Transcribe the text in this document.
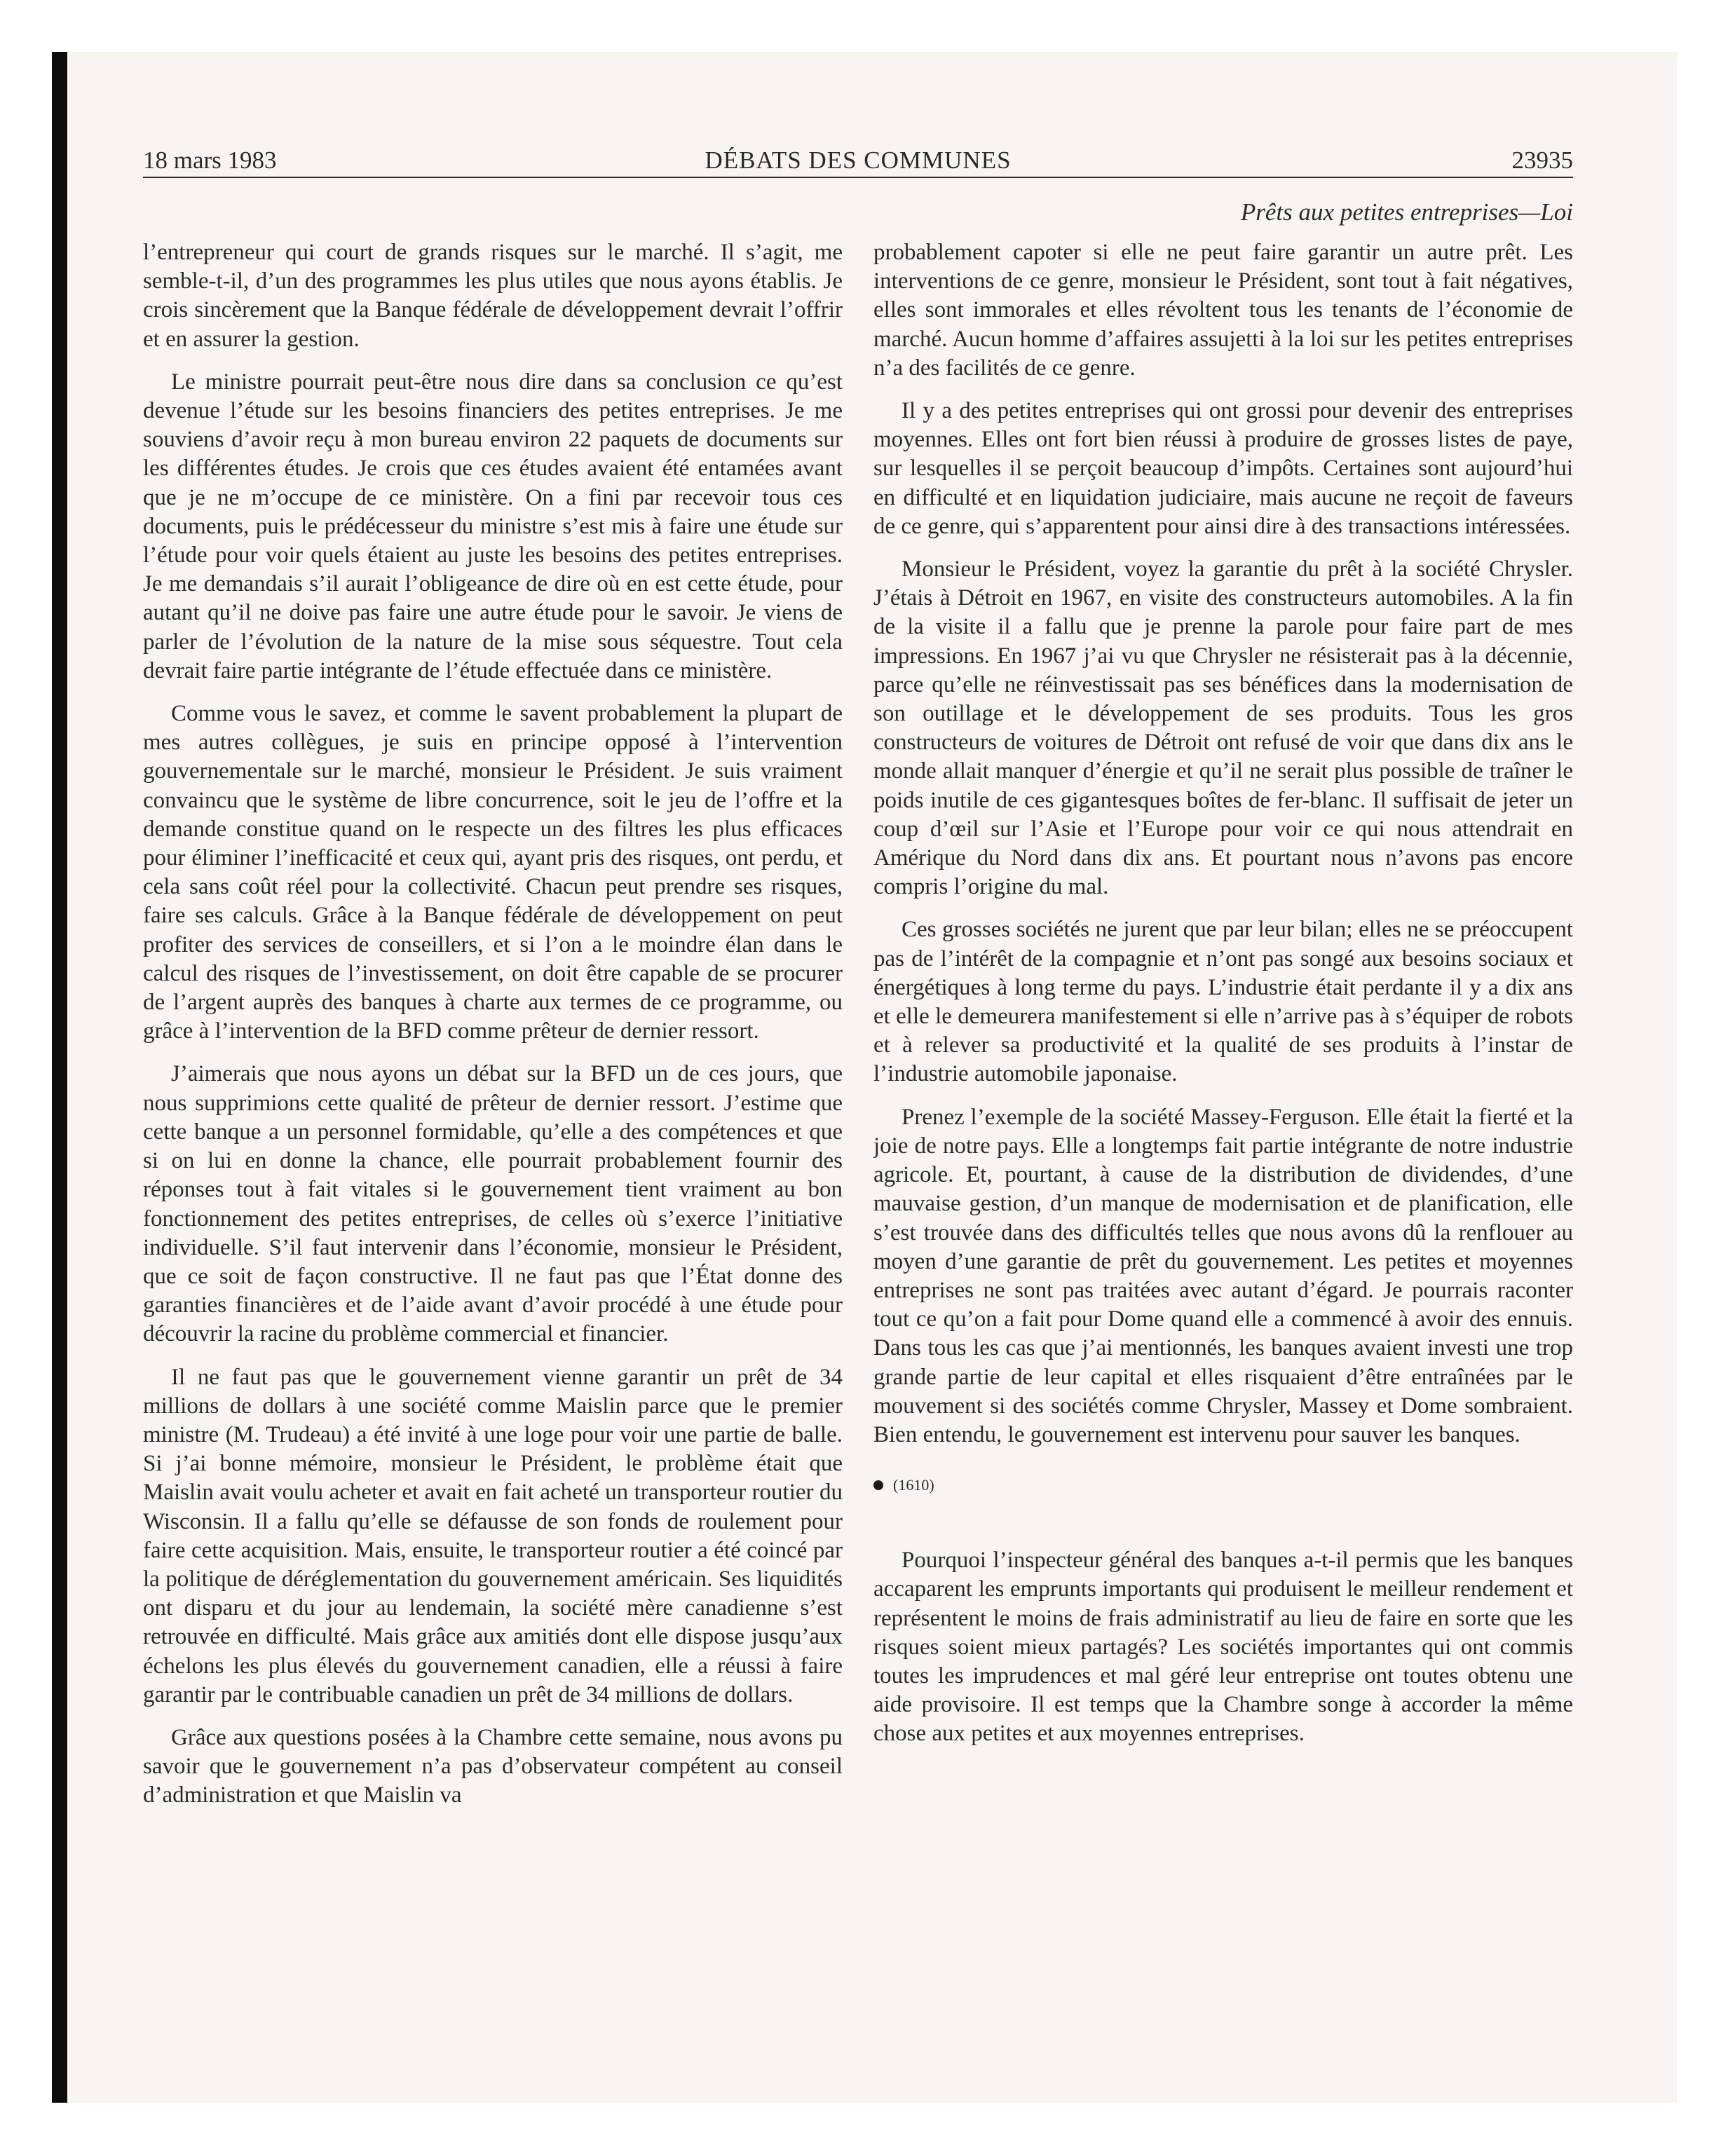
18 mars 1983	DÉBATS DES COMMUNES	23935
Prêts aux petites entreprises—Loi

l’entrepreneur qui court de grands risques sur le marché. Il s’agit, me semble-t-il, d’un des programmes les plus utiles que nous ayons établis. Je crois sincèrement que la Banque fédérale de développement devrait l’offrir et en assurer la gestion.

Le ministre pourrait peut-être nous dire dans sa conclusion ce qu’est devenue l’étude sur les besoins financiers des petites entreprises. Je me souviens d’avoir reçu à mon bureau environ 22 paquets de documents sur les différentes études. Je crois que ces études avaient été entamées avant que je ne m’occupe de ce ministère. On a fini par recevoir tous ces documents, puis le prédécesseur du ministre s’est mis à faire une étude sur l’étude pour voir quels étaient au juste les besoins des petites entreprises. Je me demandais s’il aurait l’obligeance de dire où en est cette étude, pour autant qu’il ne doive pas faire une autre étude pour le savoir. Je viens de parler de l’évolution de la nature de la mise sous séquestre. Tout cela devrait faire partie intégrante de l’étude effectuée dans ce ministère.

Comme vous le savez, et comme le savent probablement la plupart de mes autres collègues, je suis en principe opposé à l’intervention gouvernementale sur le marché, monsieur le Président. Je suis vraiment convaincu que le système de libre concurrence, soit le jeu de l’offre et la demande constitue quand on le respecte un des filtres les plus efficaces pour éliminer l’inefficacité et ceux qui, ayant pris des risques, ont perdu, et cela sans coût réel pour la collectivité. Chacun peut prendre ses risques, faire ses calculs. Grâce à la Banque fédérale de développement on peut profiter des services de conseillers, et si l’on a le moindre élan dans le calcul des risques de l’investissement, on doit être capable de se procurer de l’argent auprès des banques à charte aux termes de ce programme, ou grâce à l’intervention de la BFD comme prêteur de dernier ressort.

J’aimerais que nous ayons un débat sur la BFD un de ces jours, que nous supprimions cette qualité de prêteur de dernier ressort. J’estime que cette banque a un personnel formidable, qu’elle a des compétences et que si on lui en donne la chance, elle pourrait probablement fournir des réponses tout à fait vitales si le gouvernement tient vraiment au bon fonctionnement des petites entreprises, de celles où s’exerce l’initiative individuelle. S’il faut intervenir dans l’économie, monsieur le Président, que ce soit de façon constructive. Il ne faut pas que l’État donne des garanties financières et de l’aide avant d’avoir procédé à une étude pour découvrir la racine du problème commercial et financier.

Il ne faut pas que le gouvernement vienne garantir un prêt de 34 millions de dollars à une société comme Maislin parce que le premier ministre (M. Trudeau) a été invité à une loge pour voir une partie de balle. Si j’ai bonne mémoire, monsieur le Président, le problème était que Maislin avait voulu acheter et avait en fait acheté un transporteur routier du Wisconsin. Il a fallu qu’elle se défausse de son fonds de roulement pour faire cette acquisition. Mais, ensuite, le transporteur routier a été coincé par la politique de déréglementation du gouvernement américain. Ses liquidités ont disparu et du jour au lendemain, la société mère canadienne s’est retrouvée en difficulté. Mais grâce aux amitiés dont elle dispose jusqu’aux échelons les plus élevés du gouvernement canadien, elle a réussi à faire garantir par le contribuable canadien un prêt de 34 millions de dollars.

Grâce aux questions posées à la Chambre cette semaine, nous avons pu savoir que le gouvernement n’a pas d’observateur compétent au conseil d’administration et que Maislin va

probablement capoter si elle ne peut faire garantir un autre prêt. Les interventions de ce genre, monsieur le Président, sont tout à fait négatives, elles sont immorales et elles révoltent tous les tenants de l’économie de marché. Aucun homme d’affaires assujetti à la loi sur les petites entreprises n’a des facilités de ce genre.

Il y a des petites entreprises qui ont grossi pour devenir des entreprises moyennes. Elles ont fort bien réussi à produire de grosses listes de paye, sur lesquelles il se perçoit beaucoup d’impôts. Certaines sont aujourd’hui en difficulté et en liquidation judiciaire, mais aucune ne reçoit de faveurs de ce genre, qui s’apparentent pour ainsi dire à des transactions intéressées.

Monsieur le Président, voyez la garantie du prêt à la société Chrysler. J’étais à Détroit en 1967, en visite des constructeurs automobiles. A la fin de la visite il a fallu que je prenne la parole pour faire part de mes impressions. En 1967 j’ai vu que Chrysler ne résisterait pas à la décennie, parce qu’elle ne réinvestissait pas ses bénéfices dans la modernisation de son outillage et le développement de ses produits. Tous les gros constructeurs de voitures de Détroit ont refusé de voir que dans dix ans le monde allait manquer d’énergie et qu’il ne serait plus possible de traîner le poids inutile de ces gigantesques boîtes de fer-blanc. Il suffisait de jeter un coup d’œil sur l’Asie et l’Europe pour voir ce qui nous attendrait en Amérique du Nord dans dix ans. Et pourtant nous n’avons pas encore compris l’origine du mal.

Ces grosses sociétés ne jurent que par leur bilan; elles ne se préoccupent pas de l’intérêt de la compagnie et n’ont pas songé aux besoins sociaux et énergétiques à long terme du pays. L’industrie était perdante il y a dix ans et elle le demeurera manifestement si elle n’arrive pas à s’équiper de robots et à relever sa productivité et la qualité de ses produits à l’instar de l’industrie automobile japonaise.

Prenez l’exemple de la société Massey-Ferguson. Elle était la fierté et la joie de notre pays. Elle a longtemps fait partie intégrante de notre industrie agricole. Et, pourtant, à cause de la distribution de dividendes, d’une mauvaise gestion, d’un manque de modernisation et de planification, elle s’est trouvée dans des difficultés telles que nous avons dû la renflouer au moyen d’une garantie de prêt du gouvernement. Les petites et moyennes entreprises ne sont pas traitées avec autant d’égard. Je pourrais raconter tout ce qu’on a fait pour Dome quand elle a commencé à avoir des ennuis. Dans tous les cas que j’ai mentionnés, les banques avaient investi une trop grande partie de leur capital et elles risquaient d’être entraînées par le mouvement si des sociétés comme Chrysler, Massey et Dome sombraient. Bien entendu, le gouvernement est intervenu pour sauver les banques.

(1610)

Pourquoi l’inspecteur général des banques a-t-il permis que les banques accaparent les emprunts importants qui produisent le meilleur rendement et représentent le moins de frais administratif au lieu de faire en sorte que les risques soient mieux partagés? Les sociétés importantes qui ont commis toutes les imprudences et mal géré leur entreprise ont toutes obtenu une aide provisoire. Il est temps que la Chambre songe à accorder la même chose aux petites et aux moyennes entreprises.
